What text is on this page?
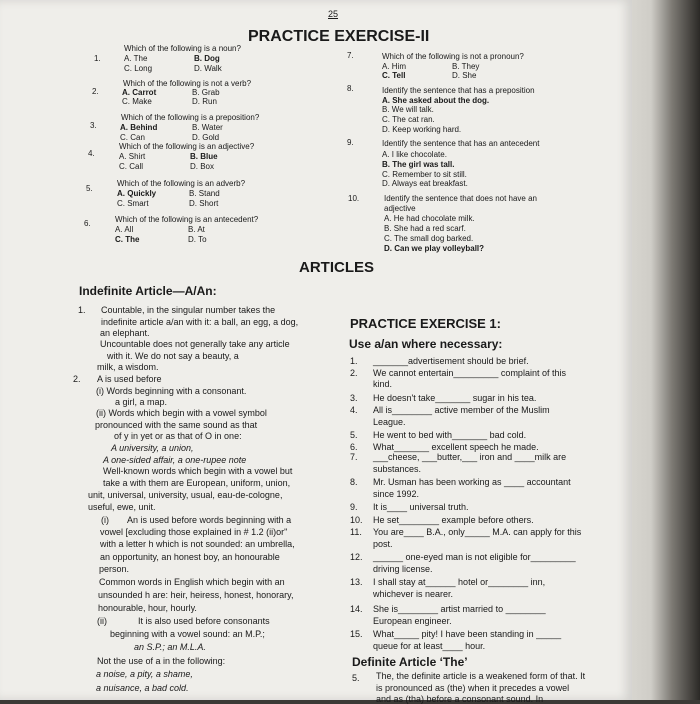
25
PRACTICE EXERCISE-II
1.
Which of the following is a noun?
A. The	B. Dog
C. Long	D. Walk
2.
Which of the following is not a verb?
A. Carrot	B. Grab
C. Make	D. Run
3.
Which of the following is a preposition?
A. Behind	B. Water
C. Can	D. Gold
4.
Which of the following is an adjective?
A. Shirt	B. Blue
C. Call	D. Box
5.
Which of the following is an adverb?
A. Quickly	B. Stand
C. Smart	D. Short
6.	Which of the following is an antecedent?
A. All	B. At
C. The	D. To
7.	Which of the following is not a pronoun?
A. Him	B. They
C. Tell	D. She
8.	Identify the sentence that has a preposition
A. She asked about the dog.
B. We will talk.
C. The cat ran.
D. Keep working hard.
9.	Identify the sentence that has an antecedent
A. I like chocolate.
B. The girl was tall.
C. Remember to sit still.
D. Always eat breakfast.
10.	Identify the sentence that does not have an
adjective
A. He had chocolate milk.
B. She had a red scarf.
C. The small dog barked.
D. Can we play volleyball?
ARTICLES
Indefinite Article—A/An:
1. Countable, in the singular number takes the
indefinite article a/an with it: a ball, an egg, a dog,
an elephant.
Uncountable does not generally take any article
with it. We do not say a beauty, a
milk, a wisdom.
2. A is used before
(i) Words beginning with a consonant.
a girl, a map.
(ii) Words which begin with a vowel symbol
pronounced with the same sound as that
of y in yet or as that of O in one:
A university, a union,
A one-sided affair, a one-rupee note
Well-known words which begin with a vowel but
take a with them are European, uniform, union,
unit, universal, university, usual, eau-de-cologne,
useful, ewe, unit.
(i) An is used before words beginning with a
vowel [excluding those explained in # 1.2 (ii)or"
with a letter h which is not sounded: an umbrella,
an opportunity, an honest boy, an honourable
person.
Common words in English which begin with an
unsounded h are: heir, heiress, honest, honorary,
honourable, hour, hourly.
(ii)	It is also used before consonants
beginning with a vowel sound: an M.P.;
an S.P.; an M.L.A.
Not the use of a in the following:
a noise, a pity, a shame,
a nuisance, a bad cold.
PRACTICE EXERCISE 1:
Use a/an where necessary:
1. _______advertisement should be brief.
2. We cannot entertain_________ complaint of this
kind.
3. He doesn't take_______ sugar in his tea.
4. All is________ active member of the Muslim
League.
5. He went to bed with_______ bad cold.
6. What_______ excellent speech he made.
7. ___cheese, ___butter,___ iron and ____milk are
substances.
8. Mr. Usman has been working as ____ accountant
since 1992.
9. It is____ universal truth.
10. He set________ example before others.
11. You are____ B.A., only_____ M.A. can apply for this
post.
12. ______ one-eyed man is not eligible for_________
driving license.
13. I shall stay at______ hotel or________ inn,
whichever is nearer.
14. She is________ artist married to ________
European engineer.
15. What_____ pity! I have been standing in _____
queue for at least____ hour.
Definite Article ‘The’
5. The, the definite article is a weakened form of that. It
is pronounced as (the) when it precedes a vowel
and as (tha) before a consonant sound. In
